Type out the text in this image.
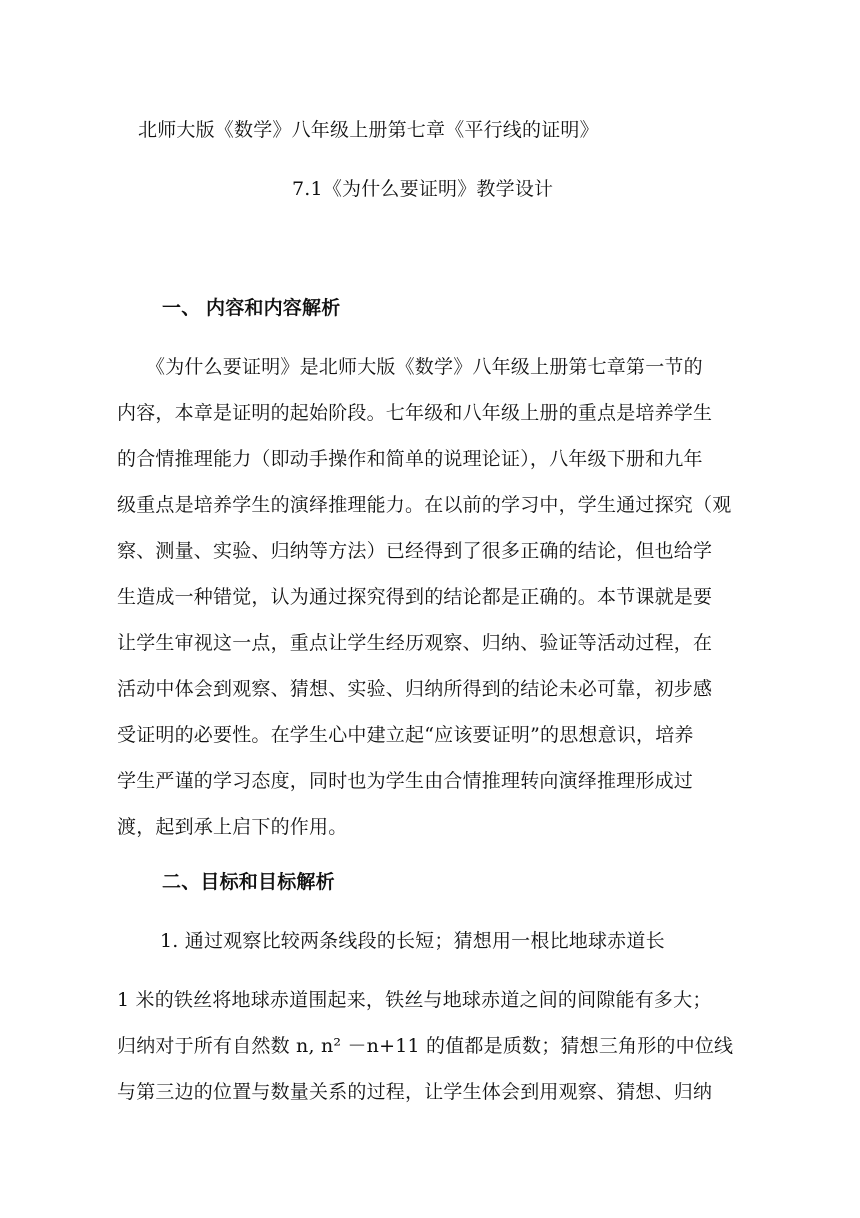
北师大版《数学》八年级上册第七章《平行线的证明》
7.1《为什么要证明》教学设计
一、 内容和内容解析
《为什么要证明》是北师大版《数学》八年级上册第七章第一节的
内容，本章是证明的起始阶段。七年级和八年级上册的重点是培养学生
的合情推理能力（即动手操作和简单的说理论证），八年级下册和九年
级重点是培养学生的演绎推理能力。在以前的学习中，学生通过探究（观
察、测量、实验、归纳等方法）已经得到了很多正确的结论，但也给学
生造成一种错觉，认为通过探究得到的结论都是正确的。本节课就是要
让学生审视这一点，重点让学生经历观察、归纳、验证等活动过程，在
活动中体会到观察、猜想、实验、归纳所得到的结论未必可靠，初步感
受证明的必要性。在学生心中建立起“应该要证明”的思想意识，培养
学生严谨的学习态度，同时也为学生由合情推理转向演绎推理形成过
渡，起到承上启下的作用。
二、目标和目标解析
1. 通过观察比较两条线段的长短；猜想用一根比地球赤道长
1 米的铁丝将地球赤道围起来，铁丝与地球赤道之间的间隙能有多大；
归纳对于所有自然数 n, n² －n+11 的值都是质数；猜想三角形的中位线
与第三边的位置与数量关系的过程，让学生体会到用观察、猜想、归纳
